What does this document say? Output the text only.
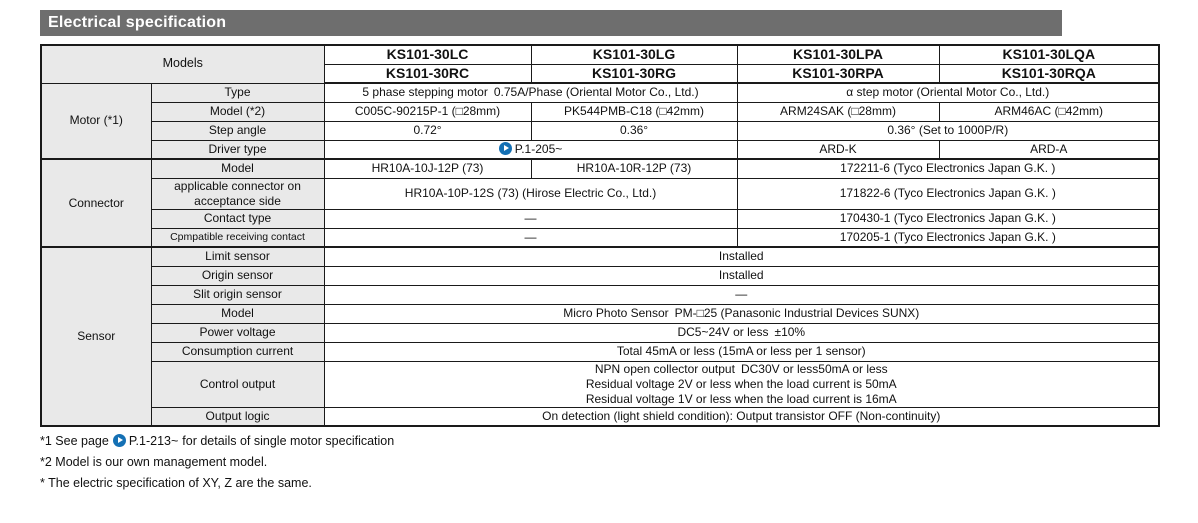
Electrical specification
Models		KS101-30LC	KS101-30LG	KS101-30LPA	KS101-30LQA
		KS101-30RC	KS101-30RG	KS101-30RPA	KS101-30RQA
Motor (*1)	Type	5 phase stepping motor 0.75A/Phase (Oriental Motor Co., Ltd.)		α step motor (Oriental Motor Co., Ltd.)	
	Model (*2)	C005C-90215P-1 (□28mm)	PK544PMB-C18 (□42mm)	ARM24SAK (□28mm)	ARM46AC (□42mm)
	Step angle	0.72°	0.36°	0.36° (Set to 1000P/R)	
	Driver type	P.1-205~		ARD-K	ARD-A
Connector	Model	HR10A-10J-12P (73)	HR10A-10R-12P (73)	172211-6 (Tyco Electronics Japan G.K. )	
	applicable connector on acceptance side	HR10A-10P-12S (73) (Hirose Electric Co., Ltd.)		171822-6 (Tyco Electronics Japan G.K. )	
	Contact type	—		170430-1 (Tyco Electronics Japan G.K. )	
	Cpmpatible receiving contact	—		170205-1 (Tyco Electronics Japan G.K. )	
Sensor	Limit sensor	Installed			
	Origin sensor	Installed			
	Slit origin sensor	—			
	Model	Micro Photo Sensor PM-□25 (Panasonic Industrial Devices SUNX)			
	Power voltage	DC5~24V or less ±10%			
	Consumption current	Total 45mA or less (15mA or less per 1 sensor)			
	Control output	NPN open collector output DC30V or less50mA or less
Residual voltage 2V or less when the load current is 50mA
Residual voltage 1V or less when the load current is 16mA			

	Output logic	On detection (light shield condition): Output transistor OFF (Non-continuity)			
*1 See page P.1-213~ for details of single motor specification
*2 Model is our own management model.
* The electric specification of XY, Z are the same.
